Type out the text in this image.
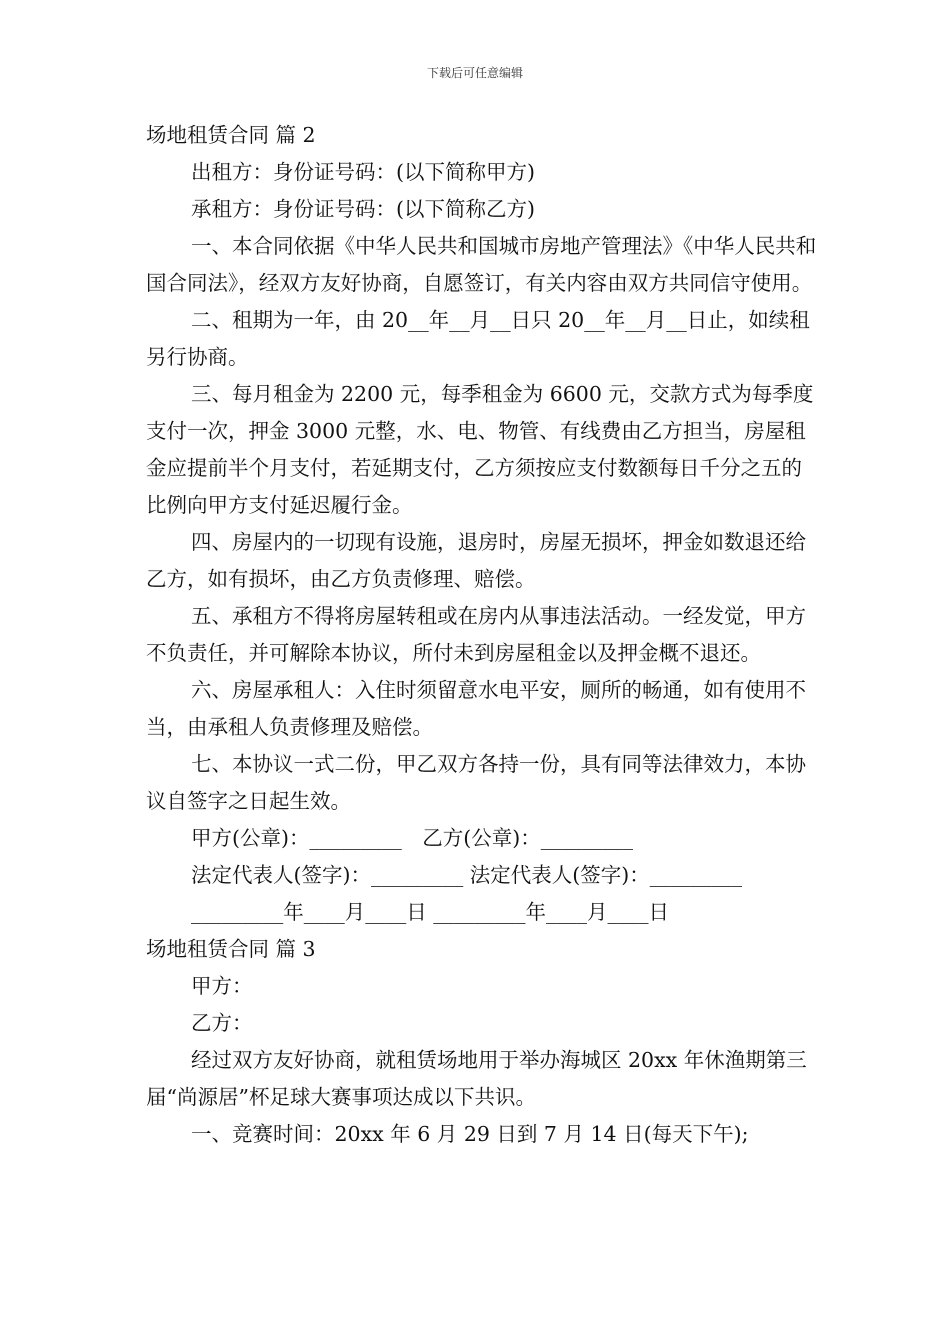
下载后可任意编辑

场地租赁合同 篇 2

出租方：身份证号码：(以下简称甲方)

承租方：身份证号码：(以下简称乙方)

一、本合同依据《中华人民共和国城市房地产管理法》《中华人民共和国合同法》，经双方友好协商，自愿签订，有关内容由双方共同信守使用。

二、租期为一年，由 20__年__月__日只 20__年__月__日止，如续租另行协商。

三、每月租金为 2200 元，每季租金为 6600 元，交款方式为每季度支付一次，押金 3000 元整，水、电、物管、有线费由乙方担当，房屋租金应提前半个月支付，若延期支付，乙方须按应支付数额每日千分之五的比例向甲方支付延迟履行金。

四、房屋内的一切现有设施，退房时，房屋无损坏，押金如数退还给乙方，如有损坏，由乙方负责修理、赔偿。

五、承租方不得将房屋转租或在房内从事违法活动。一经发觉，甲方不负责任，并可解除本协议，所付未到房屋租金以及押金概不退还。

六、房屋承租人：入住时须留意水电平安，厕所的畅通，如有使用不当，由承租人负责修理及赔偿。

七、本协议一式二份，甲乙双方各持一份，具有同等法律效力，本协议自签字之日起生效。

甲方(公章)：_________　乙方(公章)：_________

法定代表人(签字)：_________ 法定代表人(签字)：_________

_________年____月____日 _________年____月____日

场地租赁合同 篇 3

甲方：

乙方：

经过双方友好协商，就租赁场地用于举办海城区 20xx 年休渔期第三届“尚源居”杯足球大赛事项达成以下共识。

一、竞赛时间：20xx 年 6 月 29 日到 7 月 14 日(每天下午);
